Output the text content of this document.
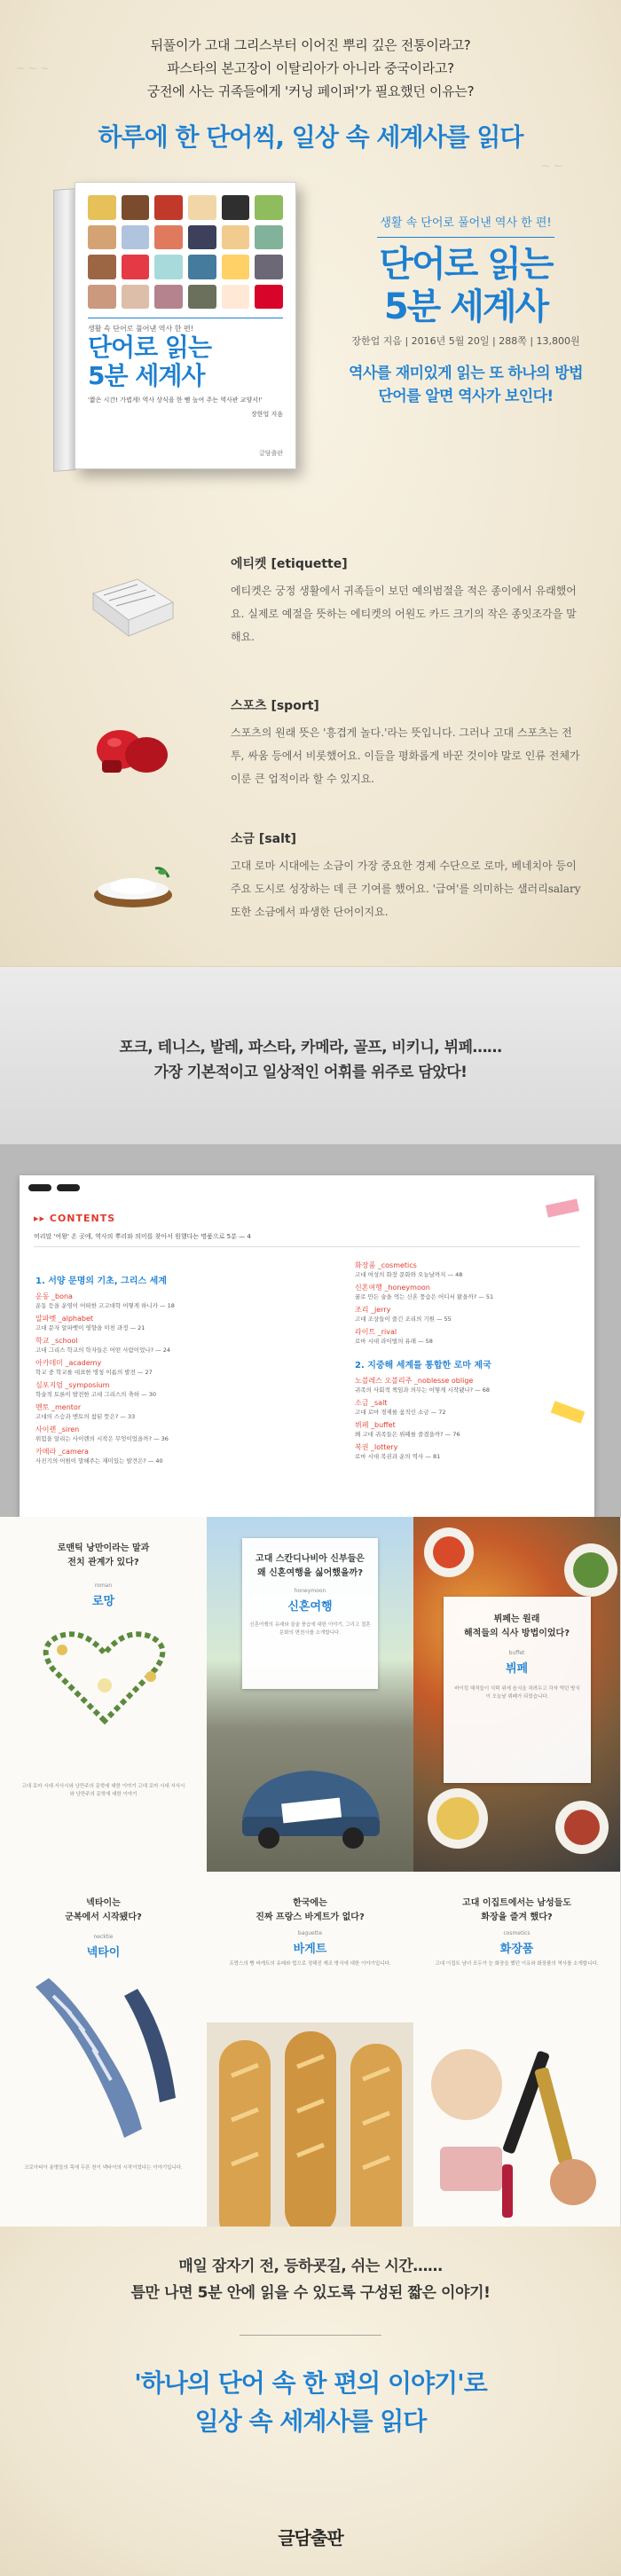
~ ~ ~
~ ~
뒤풀이가 고대 그리스부터 이어진 뿌리 깊은 전통이라고?
파스타의 본고장이 이탈리아가 아니라 중국이라고?
궁전에 사는 귀족들에게 '커닝 페이퍼'가 필요했던 이유는?
하루에 한 단어씩, 일상 속 세계사를 읽다
생활 속 단어로 풀어낸 역사 한 편!
단어로 읽는
5분 세계사
'짧은 시간! 가볍게! 역사 상식을 한 뼘 높여 주는 역사관 교양서!'
장한업 지음
글담출판
생활 속 단어로 풀어낸 역사 한 편!
단어로 읽는
5분 세계사
장한업 지음 | 2016년 5월 20일 | 288쪽 | 13,800원
역사를 재미있게 읽는 또 하나의 방법
단어를 알면 역사가 보인다!
에티켓 [etiquette]
에티켓은 궁정 생활에서 귀족들이 보던 예의범절을 적은 종이에서 유래했어요. 실제로 예절을 뜻하는 에티켓의 어원도 카드 크기의 작은 종잇조각을 말해요.
스포츠 [sport]
스포츠의 원래 뜻은 '흥겹게 놀다.'라는 뜻입니다. 그러나 고대 스포츠는 전투, 싸움 등에서 비롯했어요. 이들을 평화롭게 바꾼 것이야 말로 인류 전체가 이룬 큰 업적이라 할 수 있지요.
소금 [salt]
고대 로마 시대에는 소금이 가장 중요한 경제 수단으로 로마, 베네치아 등이 주요 도시로 성장하는 데 큰 기여를 했어요. '급여'를 의미하는 샐러리salary 또한 소금에서 파생한 단어이지요.
포크, 테니스, 발레, 파스타, 카메라, 골프, 비키니, 뷔페……
가장 기본적이고 일상적인 어휘를 위주로 담았다!
▸▸ CONTENTS
머리말 '여왕' 온 곳에, 역사의 뿌리와 의미를 찾아서 원했다는 명품으로 5분 — 4
1. 서양 문명의 기초, 그리스 세계
운동 _bona
운동 등을 운영이 어떠한 고고대학 어떻게 하니카 — 18
알파벳 _alphabet
고대 문자 알파벳이 영향을 미친 과정 — 21
학교 _school
고대 그리스 학교의 학자들은 어떤 사람이었나? — 24
아카데미 _academy
학교 중 학교를 대표한 명칭 이름의 발전 — 27
심포지엄 _symposium
학술적 토론이 발전한 고대 그리스의 축하 — 30
멘토 _mentor
고대의 스승과 멘토의 참된 뜻은? — 33
사이렌 _siren
위험을 알리는 사이렌의 시작은 무엇이었을까? — 36
카메라 _camera
사진기의 어원이 말해주는 재미있는 발견은? — 40
화장품 _cosmetics
고대 여성의 화장 문화와 오늘날까지 — 48
신혼여행 _honeymoon
꿀로 만든 술을 먹는 신혼 풍습은 어디서 왔을까? — 51
조리 _jerry
고대 조상들이 즐긴 조리의 기원 — 55
라이트 _rival
로마 시대 라이벌의 유래 — 58
2. 지중해 세계를 통합한 로마 제국
노블레스 오블리주 _noblesse oblige
귀족의 사회적 책임과 의무는 어떻게 시작됐나? — 68
소금 _salt
고대 로마 경제를 움직인 소금 — 72
뷔페 _buffet
왜 고대 귀족들은 뷔페를 즐겼을까? — 76
복권 _lottery
로마 시대 복권과 운의 역사 — 81
로맨틱 낭만이라는 말과
전치 관계가 있다?
roman
로망
고대 로마 시대 서사시와 낭만주의 문학에 대한 이야기 고대 로마 시대 서사시와 낭만주의 문학에 대한 이야기
고대 스칸디나비아 신부들은
왜 신혼여행을 싫어했을까?
honeymoon
신혼여행
신혼여행의 유래와 꿀술 풍습에 대한 이야기, 그리고 결혼 문화의 변천사를 소개합니다.
뷔페는 원래
해적들의 식사 방법이었다?
buffet
뷔페
바이킹 해적들이 식탁 위에 음식을 차려두고 각자 먹던 방식이 오늘날 뷔페가 되었습니다.
넥타이는
군복에서 시작됐다?
necktie
넥타이
크로아티아 용병들의 목에 두른 천이 넥타이의 시작이었다는 이야기입니다.
한국에는
진짜 프랑스 바게트가 없다?
baguette
바게트
프랑스의 빵 바게트의 유래와 법으로 정해진 제조 방식에 대한 이야기입니다.
고대 이집트에서는 남성들도
화장을 즐겨 했다?
cosmetics
화장품
고대 이집트 남녀 모두가 눈 화장을 했던 이유와 화장품의 역사를 소개합니다.
매일 잠자기 전, 등하굣길, 쉬는 시간……
틈만 나면 5분 안에 읽을 수 있도록 구성된 짧은 이야기!
'하나의 단어 속 한 편의 이야기'로
일상 속 세계사를 읽다
글담출판
